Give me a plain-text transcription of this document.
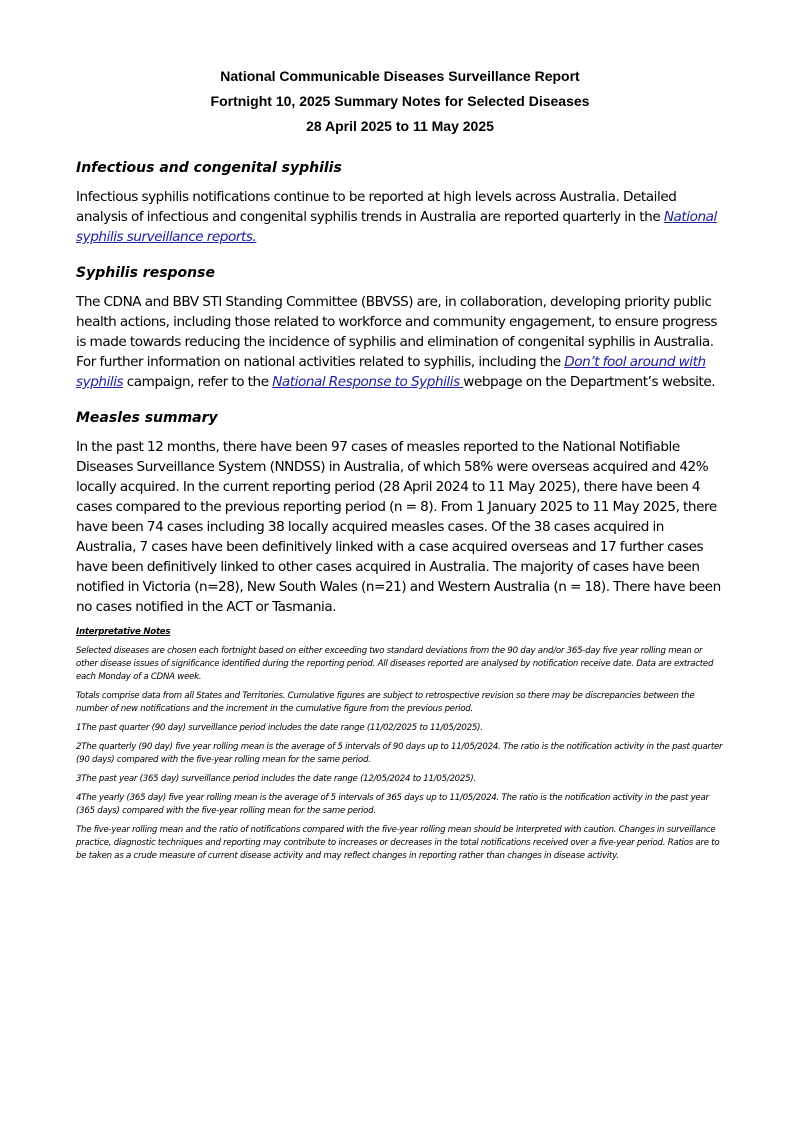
National Communicable Diseases Surveillance Report
Fortnight 10, 2025 Summary Notes for Selected Diseases
28 April 2025 to 11 May 2025
Infectious and congenital syphilis
Infectious syphilis notifications continue to be reported at high levels across Australia. Detailed analysis of infectious and congenital syphilis trends in Australia are reported quarterly in the National syphilis surveillance reports.
Syphilis response
The CDNA and BBV STI Standing Committee (BBVSS) are, in collaboration, developing priority public health actions, including those related to workforce and community engagement, to ensure progress is made towards reducing the incidence of syphilis and elimination of congenital syphilis in Australia. For further information on national activities related to syphilis, including the Don’t fool around with syphilis campaign, refer to the National Response to Syphilis webpage on the Department’s website.
Measles summary
In the past 12 months, there have been 97 cases of measles reported to the National Notifiable Diseases Surveillance System (NNDSS) in Australia, of which 58% were overseas acquired and 42% locally acquired. In the current reporting period (28 April 2024 to 11 May 2025), there have been 4 cases compared to the previous reporting period (n = 8). From 1 January 2025 to 11 May 2025, there have been 74 cases including 38 locally acquired measles cases. Of the 38 cases acquired in Australia, 7 cases have been definitively linked with a case acquired overseas and 17 further cases have been definitively linked to other cases acquired in Australia. The majority of cases have been notified in Victoria (n=28), New South Wales (n=21) and Western Australia (n = 18). There have been no cases notified in the ACT or Tasmania.
Interpretative Notes
Selected diseases are chosen each fortnight based on either exceeding two standard deviations from the 90 day and/or 365-day five year rolling mean or other disease issues of significance identified during the reporting period. All diseases reported are analysed by notification receive date. Data are extracted each Monday of a CDNA week.
Totals comprise data from all States and Territories. Cumulative figures are subject to retrospective revision so there may be discrepancies between the number of new notifications and the increment in the cumulative figure from the previous period.
1The past quarter (90 day) surveillance period includes the date range (11/02/2025 to 11/05/2025).
2The quarterly (90 day) five year rolling mean is the average of 5 intervals of 90 days up to 11/05/2024. The ratio is the notification activity in the past quarter (90 days) compared with the five-year rolling mean for the same period.
3The past year (365 day) surveillance period includes the date range (12/05/2024 to 11/05/2025).
4The yearly (365 day) five year rolling mean is the average of 5 intervals of 365 days up to 11/05/2024. The ratio is the notification activity in the past year (365 days) compared with the five-year rolling mean for the same period.
The five-year rolling mean and the ratio of notifications compared with the five-year rolling mean should be interpreted with caution. Changes in surveillance practice, diagnostic techniques and reporting may contribute to increases or decreases in the total notifications received over a five-year period. Ratios are to be taken as a crude measure of current disease activity and may reflect changes in reporting rather than changes in disease activity.
